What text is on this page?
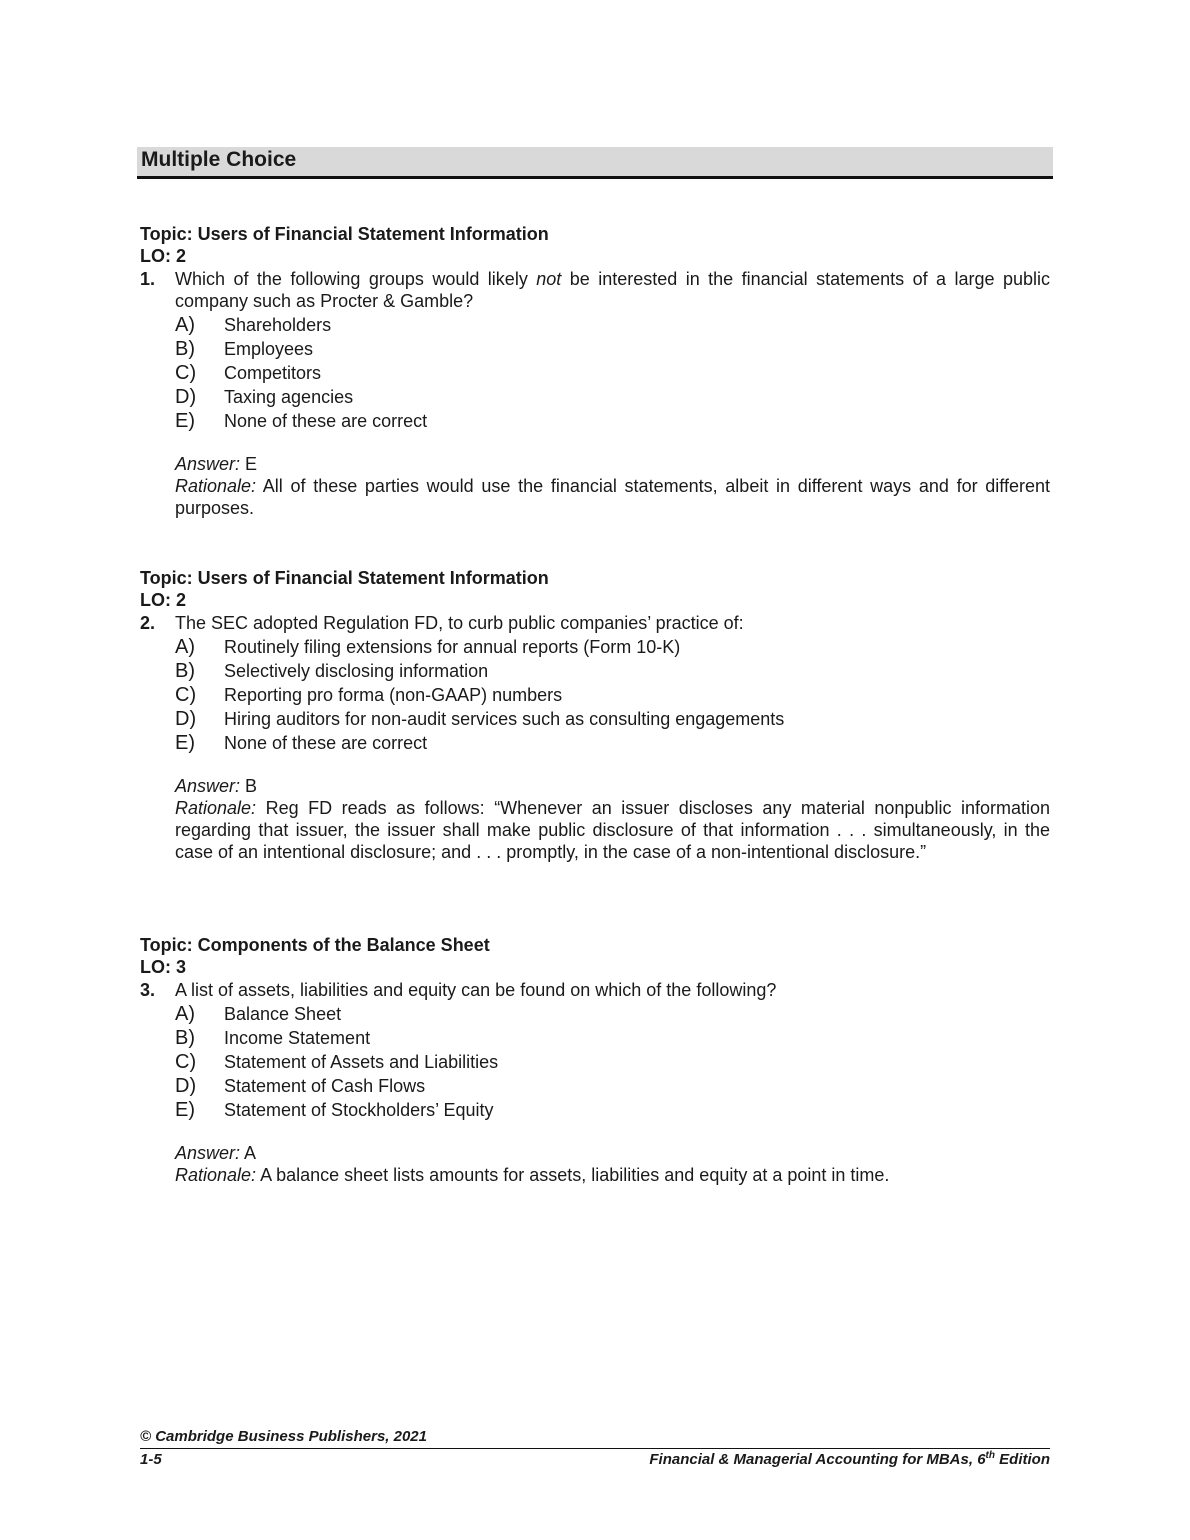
Multiple Choice
Topic: Users of Financial Statement Information
LO: 2
1. Which of the following groups would likely not be interested in the financial statements of a large public company such as Procter & Gamble?
A) Shareholders
B) Employees
C) Competitors
D) Taxing agencies
E) None of these are correct
Answer: E
Rationale: All of these parties would use the financial statements, albeit in different ways and for different purposes.
Topic: Users of Financial Statement Information
LO: 2
2. The SEC adopted Regulation FD, to curb public companies’ practice of:
A) Routinely filing extensions for annual reports (Form 10-K)
B) Selectively disclosing information
C) Reporting pro forma (non-GAAP) numbers
D) Hiring auditors for non-audit services such as consulting engagements
E) None of these are correct
Answer: B
Rationale: Reg FD reads as follows: “Whenever an issuer discloses any material nonpublic information regarding that issuer, the issuer shall make public disclosure of that information . . . simultaneously, in the case of an intentional disclosure; and . . . promptly, in the case of a non-intentional disclosure.”
Topic: Components of the Balance Sheet
LO: 3
3. A list of assets, liabilities and equity can be found on which of the following?
A) Balance Sheet
B) Income Statement
C) Statement of Assets and Liabilities
D) Statement of Cash Flows
E) Statement of Stockholders’ Equity
Answer: A
Rationale: A balance sheet lists amounts for assets, liabilities and equity at a point in time.
© Cambridge Business Publishers, 2021
1-5	Financial & Managerial Accounting for MBAs, 6th Edition
